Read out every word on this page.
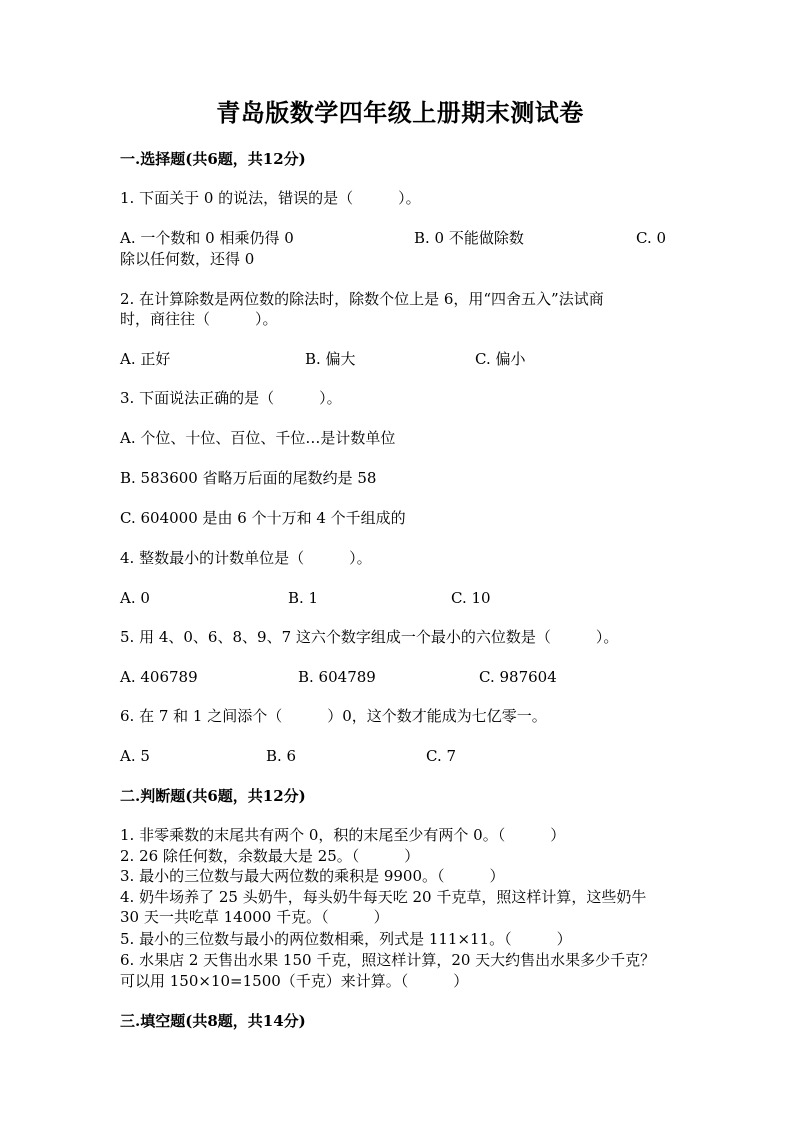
青岛版数学四年级上册期末测试卷
一.选择题(共6题，共12分)
1. 下面关于 0 的说法，错误的是（　　　）。
A. 一个数和 0 相乘仍得 0	B. 0 不能做除数	C. 0
除以任何数，还得 0
2. 在计算除数是两位数的除法时，除数个位上是 6，用“四舍五入”法试商
时，商往往（　　　）。
A. 正好	B. 偏大	C. 偏小
3. 下面说法正确的是（　　　）。
A. 个位、十位、百位、千位…是计数单位
B. 583600 省略万后面的尾数约是 58
C. 604000 是由 6 个十万和 4 个千组成的
4. 整数最小的计数单位是（　　　）。
A. 0	B. 1	C. 10
5. 用 4、0、6、8、9、7 这六个数字组成一个最小的六位数是（　　　）。
A. 406789	B. 604789	C. 987604
6. 在 7 和 1 之间添个（　　　）0，这个数才能成为七亿零一。
A. 5	B. 6	C. 7
二.判断题(共6题，共12分)
1. 非零乘数的末尾共有两个 0，积的末尾至少有两个 0。（　　　）
2. 26 除任何数，余数最大是 25。（　　　）
3. 最小的三位数与最大两位数的乘积是 9900。（　　　）
4. 奶牛场养了 25 头奶牛，每头奶牛每天吃 20 千克草，照这样计算，这些奶牛
30 天一共吃草 14000 千克。（　　　）
5. 最小的三位数与最小的两位数相乘，列式是 111×11。（　　　）
6. 水果店 2 天售出水果 150 千克，照这样计算，20 天大约售出水果多少千克？
可以用 150×10=1500（千克）来计算。（　　　）
三.填空题(共8题，共14分)
